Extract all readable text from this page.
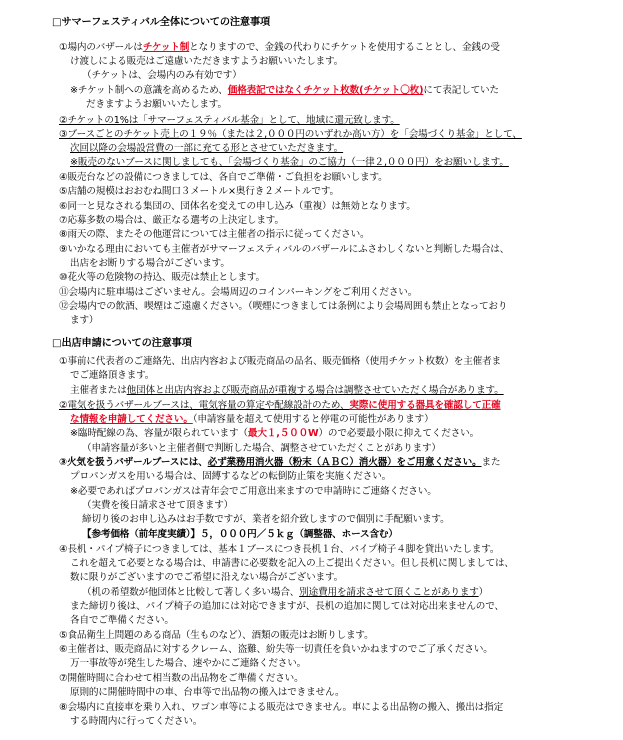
□サマーフェスティバル全体についての注意事項
①場内のバザールはチケット制となりますので、金銭の代わりにチケットを使用することとし、金銭の受
け渡しによる販売はご遠慮いただきますようお願いいたします。
（チケットは、会場内のみ有効です）
※チケット制への意識を高めるため、価格表記ではなくチケット枚数(チケット〇枚)にて表記していた
だきますようお願いいたします。
②チケットの1%は「サマーフェスティバル基金」として、地域に還元致します。
③ブースごとのチケット売上の１９％（または２,０００円のいずれか高い方）を「会場づくり基金」として、
次回以降の会場設営費の一部に充てる形とさせていただきます。
※販売のないブースに関しましても、「会場づくり基金」のご協力（一律２,０００円）をお願いします。
④販売台などの設備につきましては、各自でご準備・ご負担をお願いします。
⑤店舗の規模はおおむね間口３メートル×奥行き２メートルです。
⑥同一と見なされる集団の、団体名を変えての申し込み（重複）は無効となります。
⑦応募多数の場合は、厳正なる選考の上決定します。
⑧雨天の際、またその他運営については主催者の指示に従ってください。
⑨いかなる理由においても主催者がサマーフェスティバルのバザールにふさわしくないと判断した場合は、
出店をお断りする場合がございます。
⑩花火等の危険物の持込、販売は禁止とします。
⑪会場内に駐車場はございません。会場周辺のコインパーキングをご利用ください。
⑫会場内での飲酒、喫煙はご遠慮ください。（喫煙につきましては条例により会場周囲も禁止となっており
ます）
□出店申請についての注意事項
①事前に代表者のご連絡先、出店内容および販売商品の品名、販売価格（使用チケット枚数）を主催者ま
でご連絡頂きます。
主催者または他団体と出店内容および販売商品が重複する場合は調整させていただく場合があります。
②電気を扱うバザールブースは、電気容量の算定や配線設計のため、実際に使用する器具を確認して正確
な情報を申請してください。（申請容量を超えて使用すると停電の可能性があります）
※臨時配線の為、容量が限られています（最大１,５００W）ので必要最小限に抑えてください。
（申請容量が多いと主催者側で判断した場合、調整させていただくことがあります）
③火気を扱うバザールブースには、必ず業務用消火器（粉末（ＡＢＣ）消火器）をご用意ください。また
プロパンガスを用いる場合は、固縛するなどの転倒防止策を実施ください。
※必要であればプロパンガスは青年会でご用意出来ますので申請時にご連絡ください。
（実費を後日請求させて頂きます）
締切り後のお申し込みはお手数ですが、業者を紹介致しますので個別に手配願います。
【参考価格（前年度実績）】５，０００円／５ｋｇ（調整器、ホース含む）
④長机・パイプ椅子につきましては、基本１ブースにつき長机１台、パイプ椅子４脚を貸出いたします。
これを超えて必要となる場合は、申請書に必要数を記入の上ご提出ください。但し長机に関しましては、
数に限りがございますのでご希望に沿えない場合がございます。
（机の希望数が他団体と比較して著しく多い場合、別途費用を請求させて頂くことがあります）
また締切り後は、パイプ椅子の追加には対応できますが、長机の追加に関しては対応出来ませんので、
各自でご準備ください。
⑤食品衛生上問題のある商品（生ものなど）、酒類の販売はお断りします。
⑥主催者は、販売商品に対するクレーム、盗難、紛失等一切責任を負いかねますのでご了承ください。
万一事故等が発生した場合、速やかにご連絡ください。
⑦開催時間に合わせて相当数の出品物をご準備ください。
原則的に開催時間中の車、台車等で出品物の搬入はできません。
⑧会場内に直接車を乗り入れ、ワゴン車等による販売はできません。車による出品物の搬入、搬出は指定
する時間内に行ってください。
